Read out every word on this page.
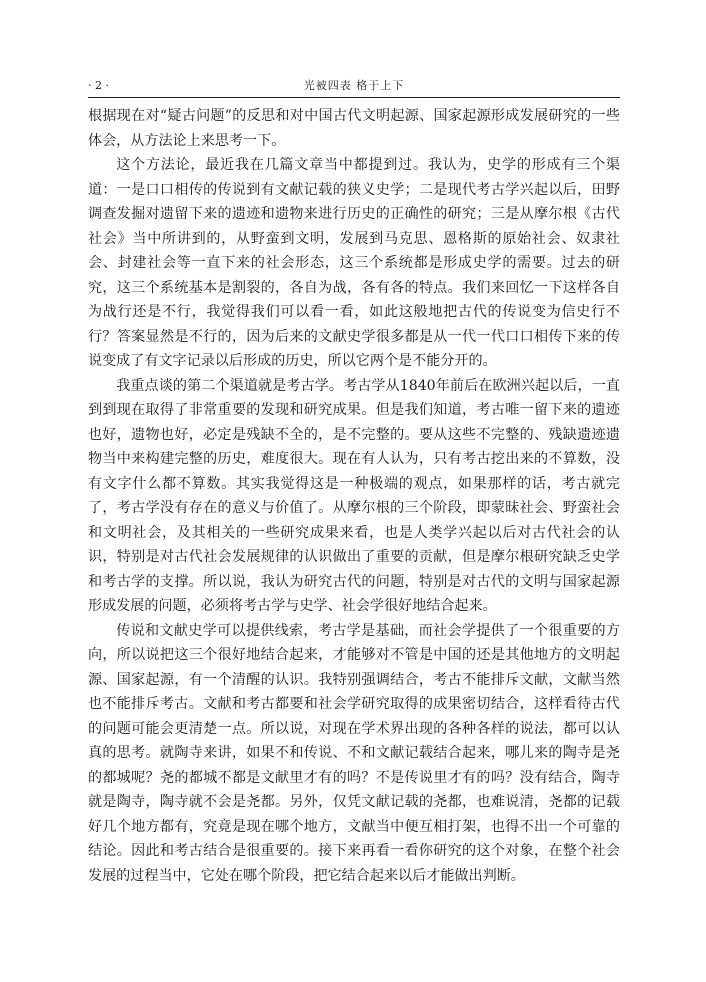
· 2 ·	光被四表 格于上下

根据现在对“疑古问题”的反思和对中国古代文明起源、国家起源形成发展研究的一些体会，从方法论上来思考一下。

这个方法论，最近我在几篇文章当中都提到过。我认为，史学的形成有三个渠道：一是口口相传的传说到有文献记载的狭义史学；二是现代考古学兴起以后，田野调查发掘对遗留下来的遗迹和遗物来进行历史的正确性的研究；三是从摩尔根《古代社会》当中所讲到的，从野蛮到文明，发展到马克思、恩格斯的原始社会、奴隶社会、封建社会等一直下来的社会形态，这三个系统都是形成史学的需要。过去的研究，这三个系统基本是割裂的，各自为战，各有各的特点。我们来回忆一下这样各自为战行还是不行，我觉得我们可以看一看，如此这般地把古代的传说变为信史行不行？答案显然是不行的，因为后来的文献史学很多都是从一代一代口口相传下来的传说变成了有文字记录以后形成的历史，所以它两个是不能分开的。

我重点谈的第二个渠道就是考古学。考古学从1840年前后在欧洲兴起以后，一直到到现在取得了非常重要的发现和研究成果。但是我们知道，考古唯一留下来的遗迹也好，遗物也好，必定是残缺不全的，是不完整的。要从这些不完整的、残缺遗迹遗物当中来构建完整的历史，难度很大。现在有人认为，只有考古挖出来的不算数，没有文字什么都不算数。其实我觉得这是一种极端的观点，如果那样的话，考古就完了，考古学没有存在的意义与价值了。从摩尔根的三个阶段，即蒙昧社会、野蛮社会和文明社会，及其相关的一些研究成果来看，也是人类学兴起以后对古代社会的认识，特别是对古代社会发展规律的认识做出了重要的贡献，但是摩尔根研究缺乏史学和考古学的支撑。所以说，我认为研究古代的问题，特别是对古代的文明与国家起源形成发展的问题，必须将考古学与史学、社会学很好地结合起来。

传说和文献史学可以提供线索，考古学是基础，而社会学提供了一个很重要的方向，所以说把这三个很好地结合起来，才能够对不管是中国的还是其他地方的文明起源、国家起源，有一个清醒的认识。我特别强调结合，考古不能排斥文献，文献当然也不能排斥考古。文献和考古都要和社会学研究取得的成果密切结合，这样看待古代的问题可能会更清楚一点。所以说，对现在学术界出现的各种各样的说法，都可以认真的思考。就陶寺来讲，如果不和传说、不和文献记载结合起来，哪儿来的陶寺是尧的都城呢？尧的都城不都是文献里才有的吗？不是传说里才有的吗？没有结合，陶寺就是陶寺，陶寺就不会是尧都。另外，仅凭文献记载的尧都，也难说清，尧都的记载好几个地方都有，究竟是现在哪个地方，文献当中便互相打架，也得不出一个可靠的结论。因此和考古结合是很重要的。接下来再看一看你研究的这个对象，在整个社会发展的过程当中，它处在哪个阶段，把它结合起来以后才能做出判断。
